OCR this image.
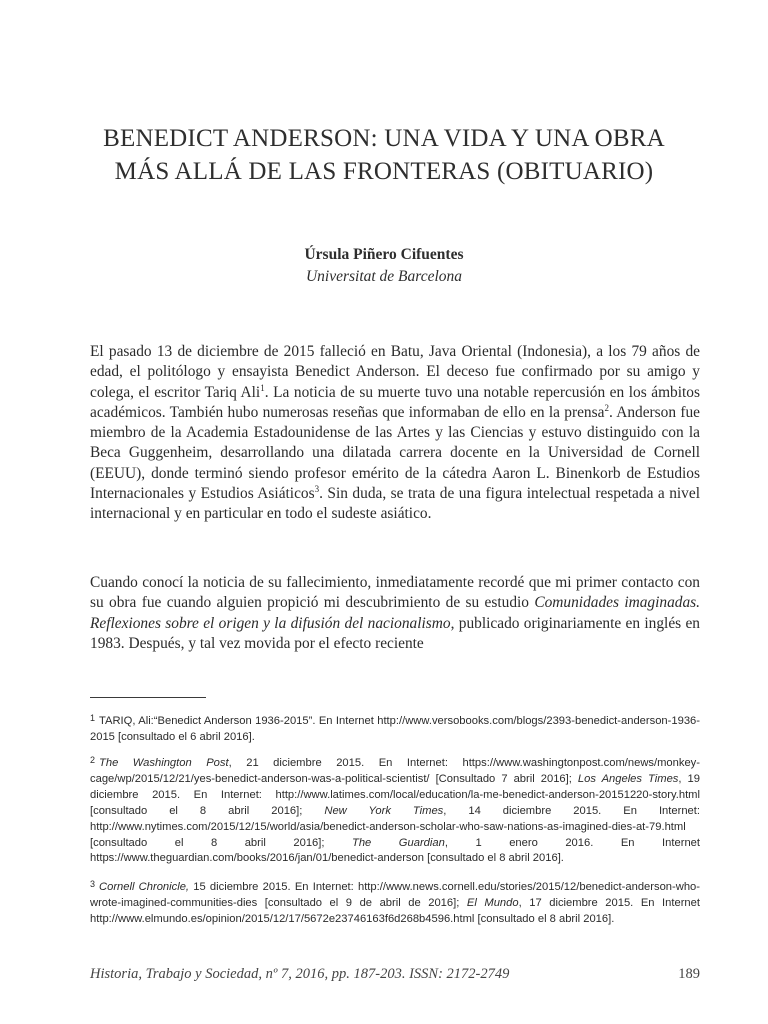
BENEDICT ANDERSON: UNA VIDA Y UNA OBRA
MÁS ALLÁ DE LAS FRONTERAS (OBITUARIO)
Úrsula Piñero Cifuentes
Universitat de Barcelona

El pasado 13 de diciembre de 2015 falleció en Batu, Java Oriental (Indonesia), a los 79 años de edad, el politólogo y ensayista Benedict Anderson. El deceso fue confirmado por su amigo y colega, el escritor Tariq Ali$^1$. La noticia de su muerte tuvo una notable repercusión en los ámbitos académicos. También hubo numerosas reseñas que informaban de ello en la prensa$^2$. Anderson fue miembro de la Academia Estadounidense de las Artes y las Ciencias y estuvo distinguido con la Beca Guggenheim, desarrollando una dilatada carrera docente en la Universidad de Cornell (EEUU), donde terminó siendo profesor emérito de la cátedra Aaron L. Binenkorb de Estudios Internacionales y Estudios Asiáticos$^3$. Sin duda, se trata de una figura intelectual respetada a nivel internacional y en particular en todo el sudeste asiático.

Cuando conocí la noticia de su fallecimiento, inmediatamente recordé que mi primer contacto con su obra fue cuando alguien propició mi descubrimiento de su estudio Comunidades imaginadas. Reflexiones sobre el origen y la difusión del nacionalismo, publicado originariamente en inglés en 1983. Después, y tal vez movida por el efecto reciente

$^1$ TARIQ, Ali:“Benedict Anderson 1936-2015”. En Internet http://www.versobooks.com/blogs/2393-benedict-anderson-1936-2015 [consultado el 6 abril 2016].

$^2$ The Washington Post, 21 diciembre 2015. En Internet: https://www.washingtonpost.com/news/monkey-cage/wp/2015/12/21/yes-benedict-anderson-was-a-political-scientist/ [Consultado 7 abril 2016]; Los Angeles Times, 19 diciembre 2015. En Internet: http://www.latimes.com/local/education/la-me-benedict-anderson-20151220-story.html [consultado el 8 abril 2016]; New York Times, 14 diciembre 2015. En Internet: http://www.nytimes.com/2015/12/15/world/asia/benedict-anderson-scholar-who-saw-nations-as-imagined-dies-at-79.html [consultado el 8 abril 2016]; The Guardian, 1 enero 2016. En Internet https://www.theguardian.com/books/2016/jan/01/benedict-anderson [consultado el 8 abril 2016].

$^3$ Cornell Chronicle, 15 diciembre 2015. En Internet: http://www.news.cornell.edu/stories/2015/12/benedict-anderson-who-wrote-imagined-communities-dies [consultado el 9 de abril de 2016]; El Mundo, 17 diciembre 2015. En Internet http://www.elmundo.es/opinion/2015/12/17/5672e23746163f6d268b4596.html [consultado el 8 abril 2016].

Historia, Trabajo y Sociedad, nº 7, 2016, pp. 187-203. ISSN: 2172-2749	189
